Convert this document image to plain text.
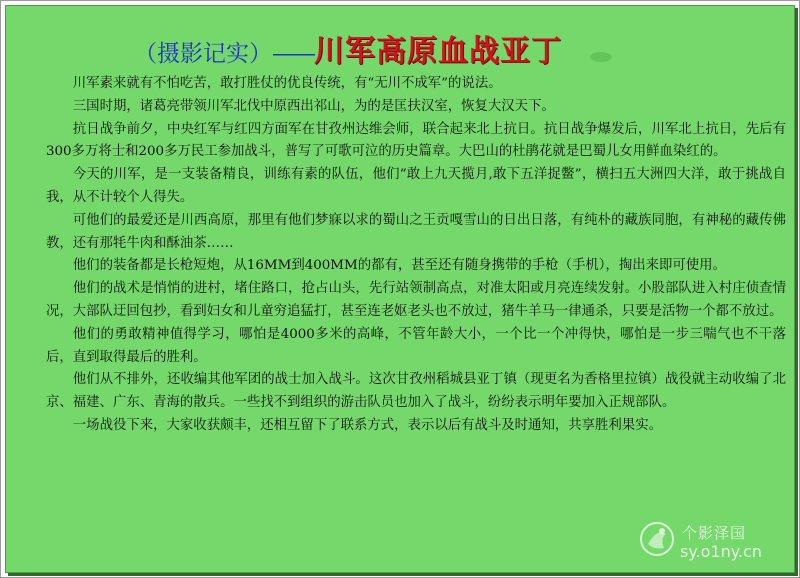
（摄影记实）——川军高原血战亚丁

川军素来就有不怕吃苦，敢打胜仗的优良传统，有“无川不成军”的说法。

三国时期，诸葛亮带领川军北伐中原西出祁山，为的是匡扶汉室，恢复大汉天下。

抗日战争前夕，中央红军与红四方面军在甘孜州达维会师，联合起来北上抗日。抗日战争爆发后，川军北上抗日，先后有300多万将士和200多万民工参加战斗，普写了可歌可泣的历史篇章。大巴山的杜鹃花就是巴蜀儿女用鲜血染红的。

今天的川军，是一支装备精良，训练有素的队伍，他们“敢上九天揽月,敢下五洋捉鳖”，横扫五大洲四大洋，敢于挑战自我，从不计较个人得失。

可他们的最爱还是川西高原，那里有他们梦寐以求的蜀山之王贡嘎雪山的日出日落，有纯朴的藏族同胞，有神秘的藏传佛教，还有那牦牛肉和酥油茶……

他们的装备都是长枪短炮，从16MM到400MM的都有，甚至还有随身携带的手枪（手机），掏出来即可使用。

他们的战术是悄悄的进村，堵住路口，抢占山头，先行站领制高点，对准太阳或月亮连续发射。小股部队进入村庄侦查情况，大部队迂回包抄，看到妇女和儿童穷追猛打，甚至连老妪老头也不放过，猪牛羊马一律通杀，只要是活物一个都不放过。

他们的勇敢精神值得学习，哪怕是4000多米的高峰，不管年龄大小，一个比一个冲得快，哪怕是一步三喘气也不干落后，直到取得最后的胜利。

他们从不排外，还收编其他军团的战士加入战斗。这次甘孜州稻城县亚丁镇（现更名为香格里拉镇）战役就主动收编了北京、福建、广东、青海的散兵。一些找不到组织的游击队员也加入了战斗，纷纷表示明年要加入正规部队。

一场战役下来，大家收获颇丰，还相互留下了联系方式，表示以后有战斗及时通知，共享胜利果实。

个影泽国
sy.o1ny.cn
